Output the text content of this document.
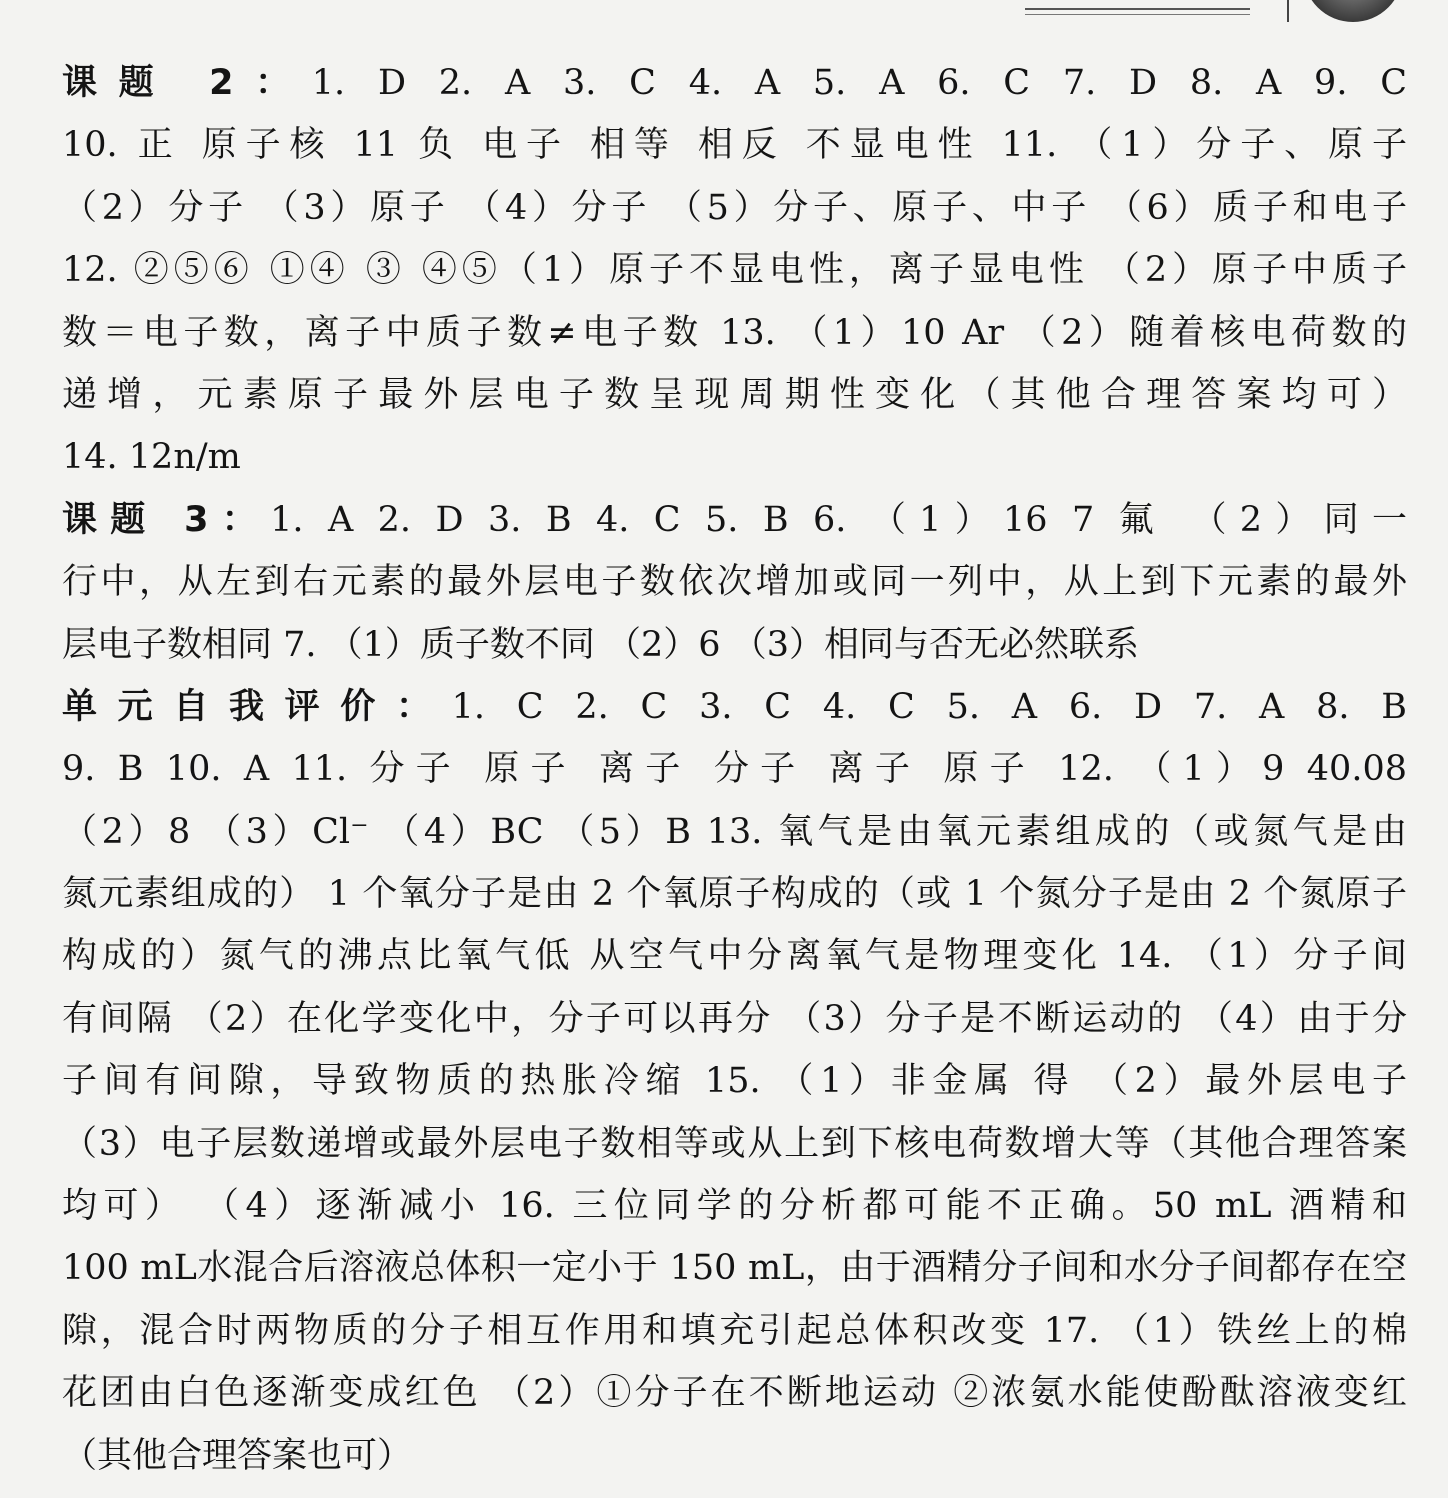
课题 2：1. D 2. A 3. C 4. A 5. A 6. C 7. D 8. A 9. C
10. 正 原子核 11 负 电子 相等 相反 不显电性 11. （1）分子、原子
（2）分子 （3）原子 （4）分子 （5）分子、原子、中子 （6）质子和电子
12. ②⑤⑥ ①④ ③ ④⑤（1）原子不显电性，离子显电性 （2）原子中质子
数＝电子数，离子中质子数≠电子数 13. （1）10 Ar （2）随着核电荷数的
递增，元素原子最外层电子数呈现周期性变化（其他合理答案均可）
14. 12n/m
课题 3：1. A 2. D 3. B 4. C 5. B 6. （1）16 7 氟 （2）同一
行中，从左到右元素的最外层电子数依次增加或同一列中，从上到下元素的最外
层电子数相同 7. （1）质子数不同 （2）6 （3）相同与否无必然联系
单元自我评价：1. C 2. C 3. C 4. C 5. A 6. D 7. A 8. B
9. B 10. A 11. 分子 原子 离子 分子 离子 原子 12. （1）9 40.08
（2）8 （3）Cl⁻ （4）BC （5）B 13. 氧气是由氧元素组成的（或氮气是由
氮元素组成的） 1 个氧分子是由 2 个氧原子构成的（或 1 个氮分子是由 2 个氮原子
构成的）氮气的沸点比氧气低 从空气中分离氧气是物理变化 14. （1）分子间
有间隔 （2）在化学变化中，分子可以再分 （3）分子是不断运动的 （4）由于分
子间有间隙，导致物质的热胀冷缩 15. （1）非金属 得 （2）最外层电子
（3）电子层数递增或最外层电子数相等或从上到下核电荷数增大等（其他合理答案
均可） （4）逐渐减小 16. 三位同学的分析都可能不正确。50 mL 酒精和
100 mL水混合后溶液总体积一定小于 150 mL，由于酒精分子间和水分子间都存在空
隙，混合时两物质的分子相互作用和填充引起总体积改变 17. （1）铁丝上的棉
花团由白色逐渐变成红色 （2）①分子在不断地运动 ②浓氨水能使酚酞溶液变红
（其他合理答案也可）
